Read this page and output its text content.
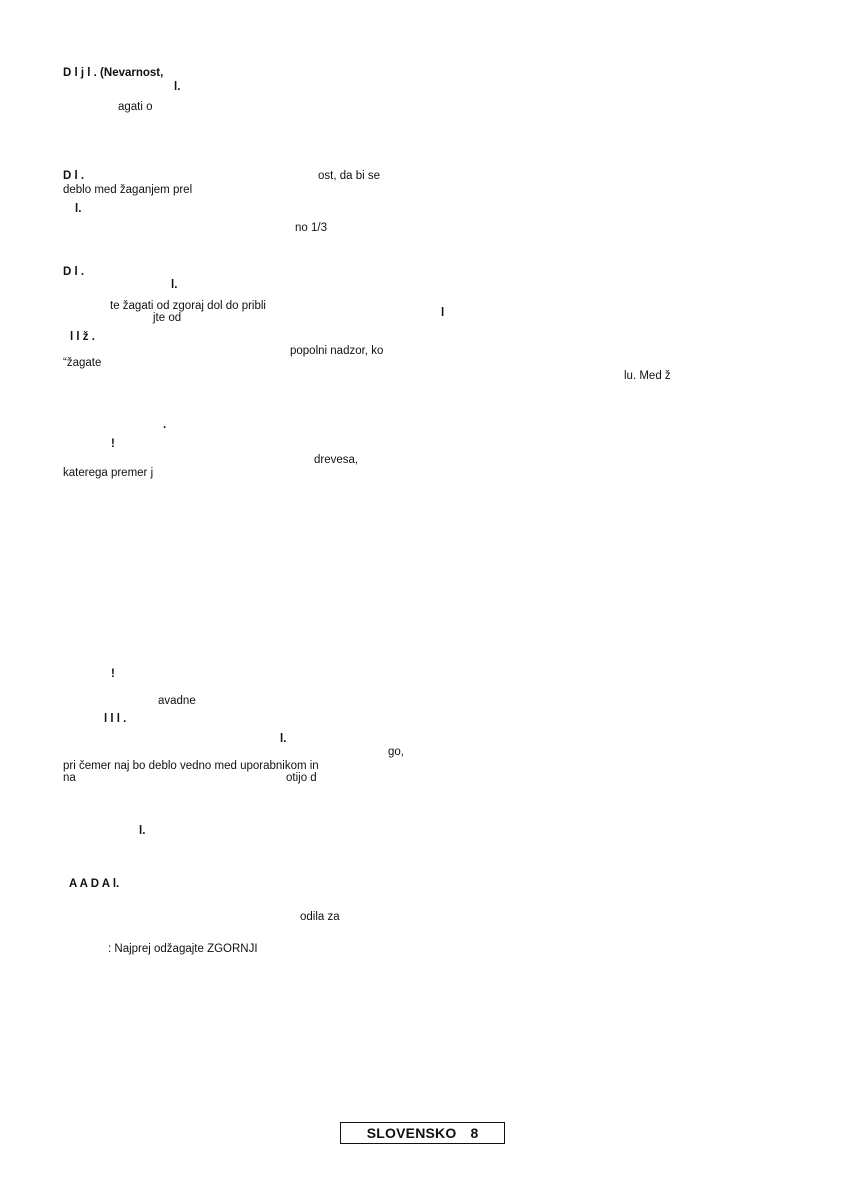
D l j l . (Nevarnost,
l.
agati o
D l .	ost, da bi se
deblo med žaganjem prel
l.
no 1/3
D l .
l.
te žagati od zgoraj dol do pribli
jte od	l
l l ž .
popolni nadzor, ko
“žagate
lu. Med ž
.
!
drevesa,
katerega premer j
!
avadne
l l l .
l.
go,
pri čemer naj bo deblo vedno med uporabnikom in
na	otijo d
l.
A A D A l.
odila za
: Najprej odžagajte ZGORNJI
SLOVENSKO 8
